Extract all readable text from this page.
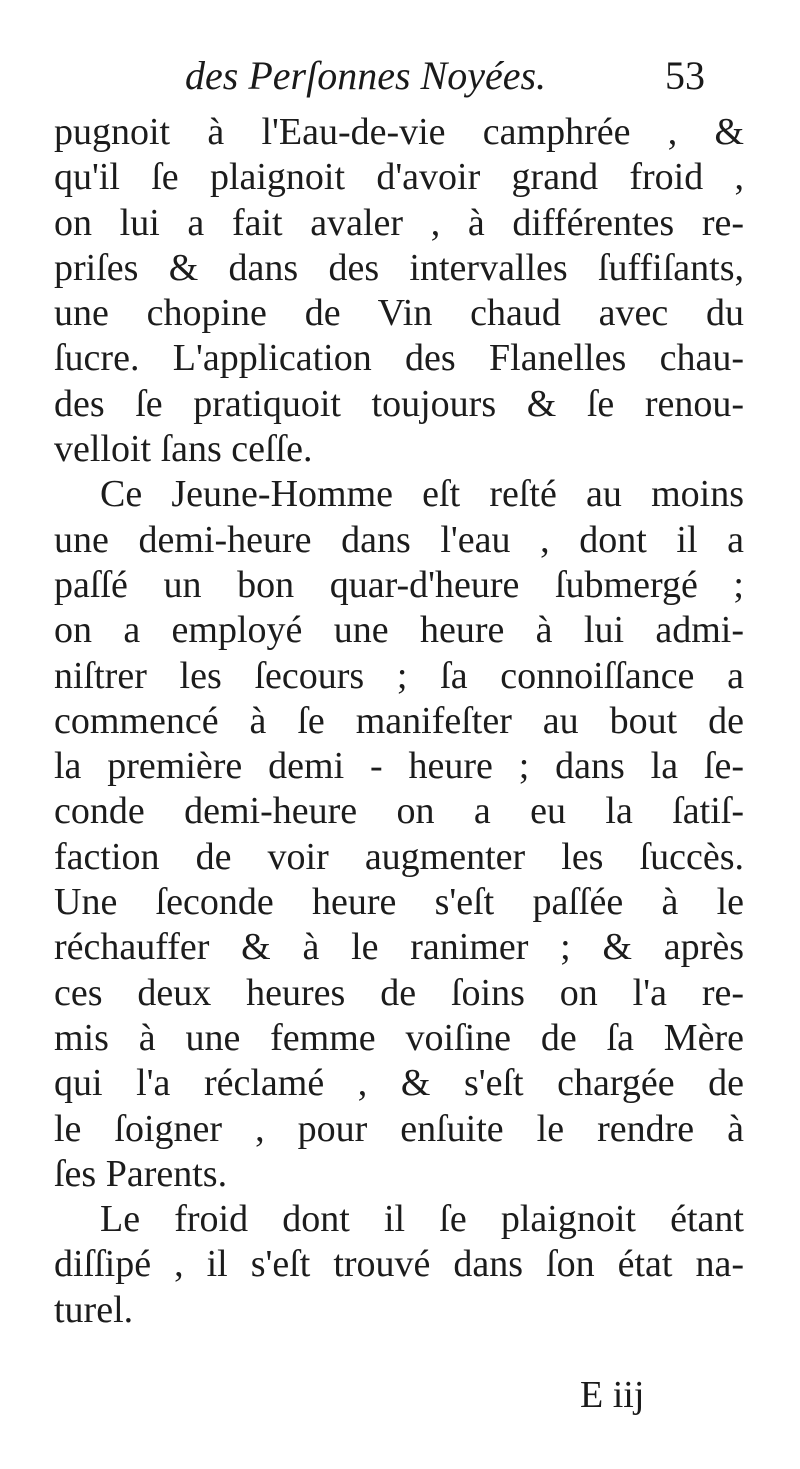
des Perſonnes Noyées.	53
pugnoit à l'Eau-de-vie camphrée , &
qu'il ſe plaignoit d'avoir grand froid ,
on lui a fait avaler , à différentes re-
priſes & dans des intervalles ſuffiſants,
une chopine de Vin chaud avec du
ſucre. L'application des Flanelles chau-
des ſe pratiquoit toujours & ſe renou-
velloit ſans ceſſe.
Ce Jeune-Homme eſt reſté au moins
une demi-heure dans l'eau , dont il a
paſſé un bon quar-d'heure ſubmergé ;
on a employé une heure à lui admi-
niſtrer les ſecours ; ſa connoiſſance a
commencé à ſe manifeſter au bout de
la première demi - heure ; dans la ſe-
conde demi-heure on a eu la ſatiſ-
faction de voir augmenter les ſuccès.
Une ſeconde heure s'eſt paſſée à le
réchauffer & à le ranimer ; & après
ces deux heures de ſoins on l'a re-
mis à une femme voiſine de ſa Mère
qui l'a réclamé , & s'eſt chargée de
le ſoigner , pour enſuite le rendre à
ſes Parents.
Le froid dont il ſe plaignoit étant
diſſipé , il s'eſt trouvé dans ſon état na-
turel.
E iij
